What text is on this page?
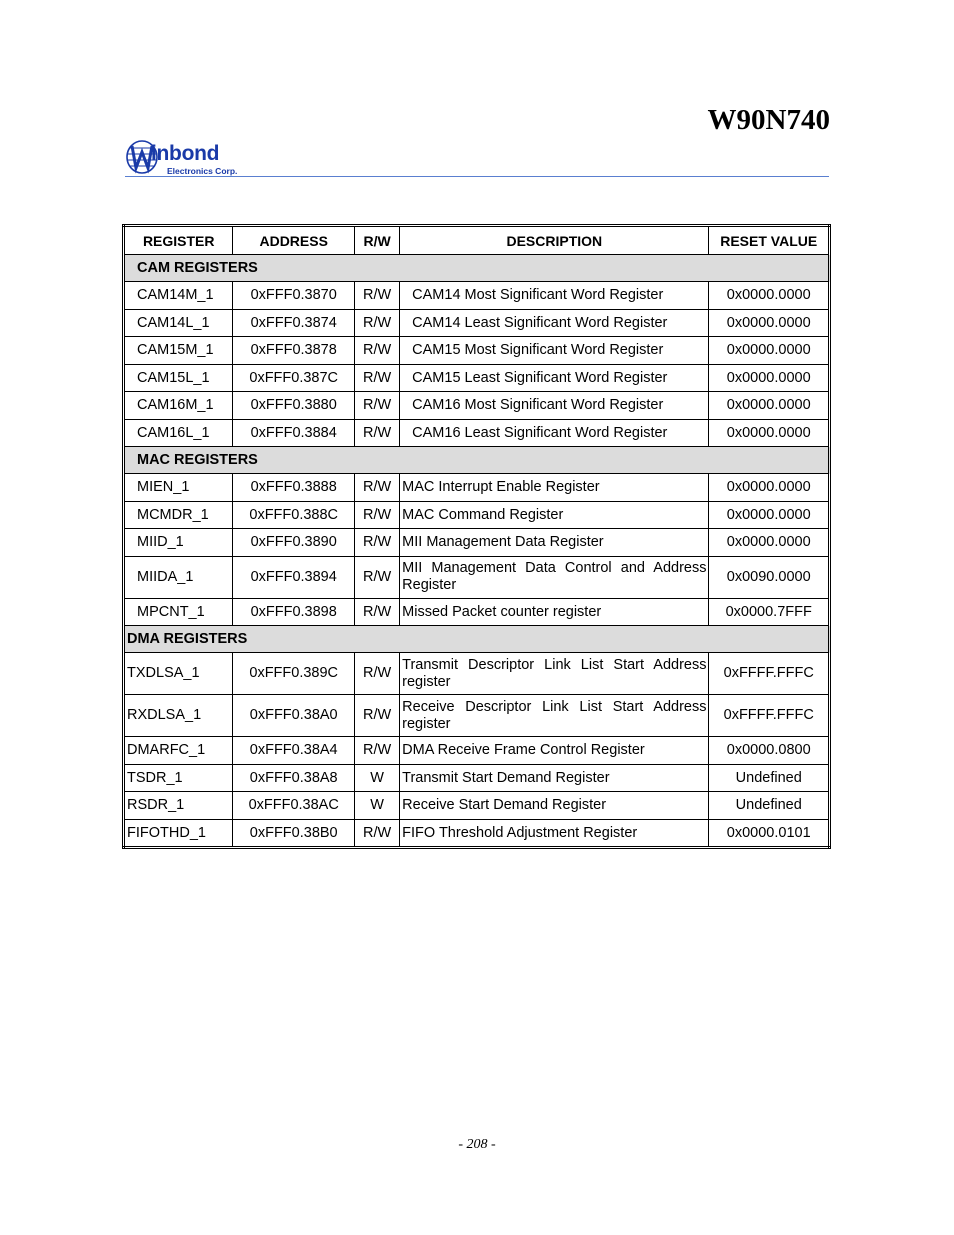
W90N740
inbond
Electronics Corp.
REGISTER	ADDRESS	R/W	DESCRIPTION	RESET VALUE
CAM REGISTERS				
CAM14M_1	0xFFF0.3870	R/W	CAM14 Most Significant Word Register	0x0000.0000
CAM14L_1	0xFFF0.3874	R/W	CAM14 Least Significant Word Register	0x0000.0000
CAM15M_1	0xFFF0.3878	R/W	CAM15 Most Significant Word Register	0x0000.0000
CAM15L_1	0xFFF0.387C	R/W	CAM15 Least Significant Word Register	0x0000.0000
CAM16M_1	0xFFF0.3880	R/W	CAM16 Most Significant Word Register	0x0000.0000
CAM16L_1	0xFFF0.3884	R/W	CAM16 Least Significant Word Register	0x0000.0000
MAC REGISTERS				
MIEN_1	0xFFF0.3888	R/W	MAC Interrupt Enable Register	0x0000.0000
MCMDR_1	0xFFF0.388C	R/W	MAC Command Register	0x0000.0000
MIID_1	0xFFF0.3890	R/W	MII Management Data Register	0x0000.0000
MIIDA_1	0xFFF0.3894	R/W	MII Management Data Control and Address Register	0x0090.0000
MPCNT_1	0xFFF0.3898	R/W	Missed Packet counter register	0x0000.7FFF
DMA REGISTERS				
TXDLSA_1	0xFFF0.389C	R/W	Transmit Descriptor Link List Start Address register	0xFFFF.FFFC
RXDLSA_1	0xFFF0.38A0	R/W	Receive Descriptor Link List Start Address register	0xFFFF.FFFC
DMARFC_1	0xFFF0.38A4	R/W	DMA Receive Frame Control Register	0x0000.0800
TSDR_1	0xFFF0.38A8	W	Transmit Start Demand Register	Undefined
RSDR_1	0xFFF0.38AC	W	Receive Start Demand Register	Undefined
FIFOTHD_1	0xFFF0.38B0	R/W	FIFO Threshold Adjustment Register	0x0000.0101
- 208 -
